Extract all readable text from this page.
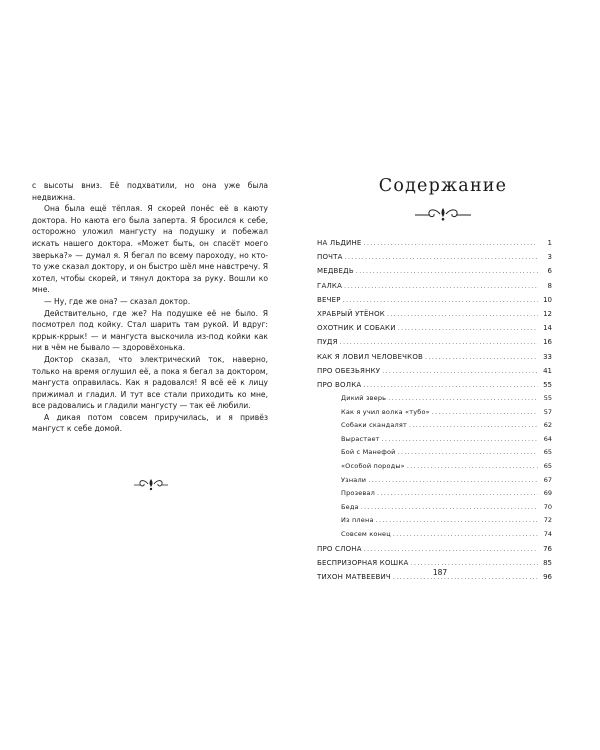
с высоты вниз. Её подхватили, но она уже была недвижна.

Она была ещё тёплая. Я скорей понёс её в каюту доктора. Но каюта его была заперта. Я бросился к себе, осторожно уложил мангусту на подушку и побежал искать нашего доктора. «Может быть, он спасёт моего зверька?» — думал я. Я бегал по всему пароходу, но кто-то уже сказал доктору, и он быстро шёл мне навстречу. Я хотел, чтобы скорей, и тянул доктора за руку. Вошли ко мне.

— Ну, где же она? — сказал доктор.

Действительно, где же? На подушке её не было. Я посмотрел под койку. Стал шарить там рукой. И вдруг: кррык-кррык! — и мангуста выскочила из-под койки как ни в чём не бывало — здоровёхонька.

Доктор сказал, что электрический ток, наверно, только на время оглушил её, а пока я бегал за доктором, мангуста оправилась. Как я радовался! Я всё её к лицу прижимал и гладил. И тут все стали приходить ко мне, все радовались и гладили мангусту — так её любили.

А дикая потом совсем приручилась, и я привёз мангуст к себе домой.

Содержание
НА ЛЬДИНЕ .....	1
ПОЧТА .....	3
МЕДВЕДЬ .....	6
ГАЛКА .....	8
ВЕЧЕР .....	10
ХРАБРЫЙ УТЁНОК .....	12
ОХОТНИК И СОБАКИ .....	14
ПУДЯ .....	16
КАК Я ЛОВИЛ ЧЕЛОВЕЧКОВ .....	33
ПРО ОБЕЗЬЯНКУ .....	41
ПРО ВОЛКА .....	55
Дикий зверь .....	55
Как я учил волка «тубо» .....	57
Собаки скандалят .....	62
Вырастает .....	64
Бой с Манефой .....	65
«Особой породы» .....	65
Узнали .....	67
Прозевал .....	69
Беда .....	70
Из плена .....	72
Совсем конец .....	74
ПРО СЛОНА .....	76
БЕСПРИЗОРНАЯ КОШКА .....	85
ТИХОН МАТВЕЕВИЧ .....	96
187
